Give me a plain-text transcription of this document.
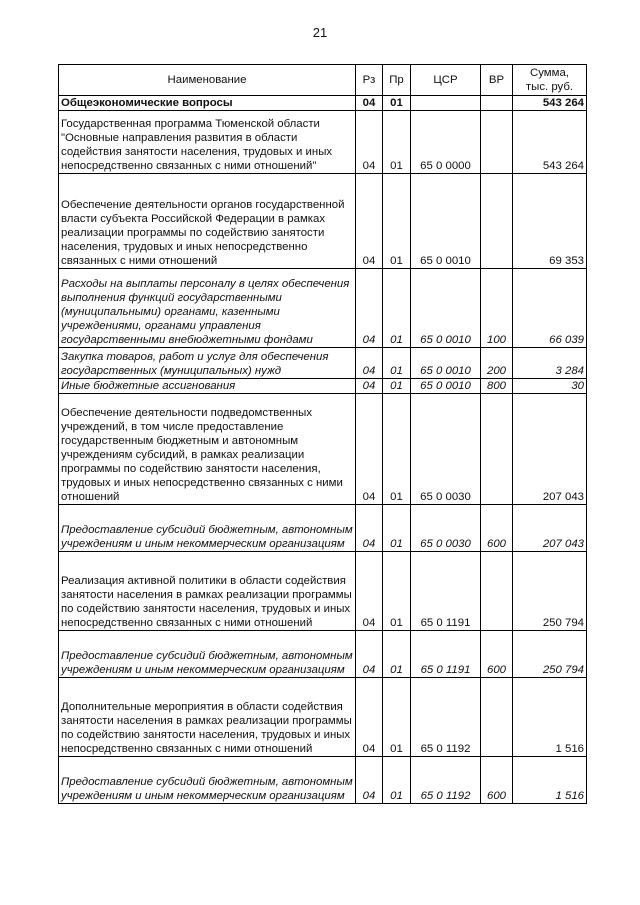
21
Наименование	Рз	Пр	ЦСР	ВР	Сумма,
тыс. руб.
Общеэкономические вопросы	04	01			543 264
Государственная программа Тюменской области "Основные направления развития в области содействия занятости населения, трудовых и иных непосредственно связанных с ними отношений"	04	01	65 0 0000		543 264
Обеспечение деятельности органов государственной власти субъекта Российской Федерации в рамках реализации программы по содействию занятости населения, трудовых и иных непосредственно связанных с ними отношений	04	01	65 0 0010		69 353
Расходы на выплаты персоналу в целях обеспечения выполнения функций государственными (муниципальными) органами, казенными учреждениями, органами управления государственными внебюджетными фондами	04	01	65 0 0010	100	66 039
Закупка товаров, работ и услуг для обеспечения государственных (муниципальных) нужд	04	01	65 0 0010	200	3 284
Иные бюджетные ассигнования	04	01	65 0 0010	800	30
Обеспечение деятельности подведомственных учреждений, в том числе предоставление государственным бюджетным и автономным учреждениям субсидий, в рамках реализации программы по содействию занятости населения, трудовых и иных непосредственно связанных с ними отношений	04	01	65 0 0030		207 043
Предоставление субсидий бюджетным, автономным учреждениям и иным некоммерческим организациям	04	01	65 0 0030	600	207 043
Реализация активной политики в области содействия занятости населения в рамках реализации программы по содействию занятости населения, трудовых и иных непосредственно связанных с ними отношений	04	01	65 0 1191		250 794
Предоставление субсидий бюджетным, автономным учреждениям и иным некоммерческим организациям	04	01	65 0 1191	600	250 794
Дополнительные мероприятия в области содействия занятости населения в рамках реализации программы по содействию занятости населения, трудовых и иных непосредственно связанных с ними отношений	04	01	65 0 1192		1 516
Предоставление субсидий бюджетным, автономным учреждениям и иным некоммерческим организациям	04	01	65 0 1192	600	1 516
